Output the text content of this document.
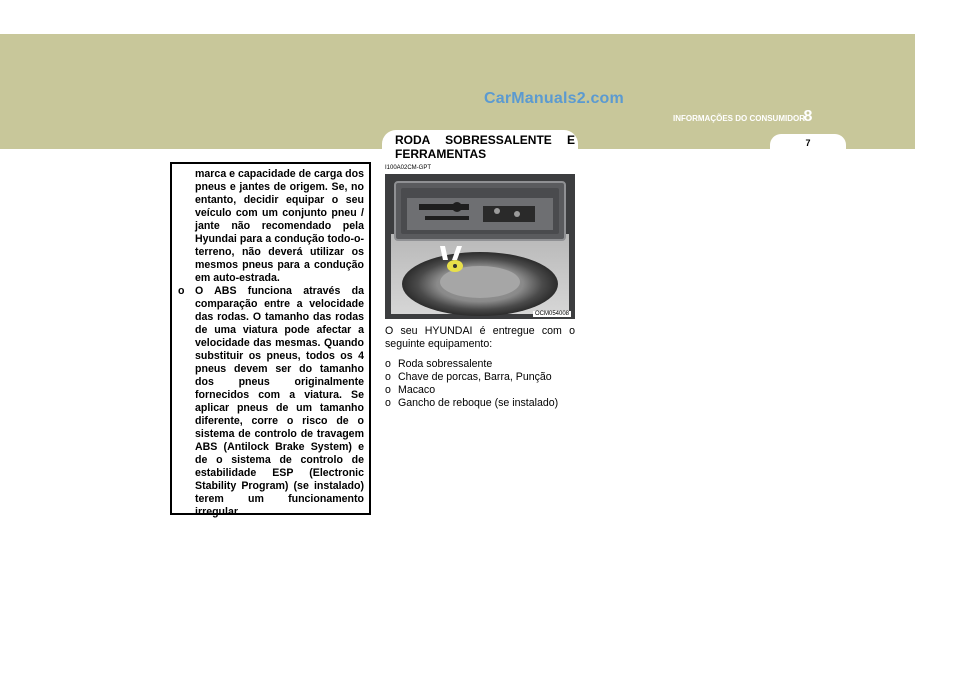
CarManuals2.com
INFORMAÇÕES DO CONSUMIDOR
8
7
RODA SOBRESSALENTE E FERRAMENTAS
marca e capacidade de carga dos pneus e jantes de origem. Se, no entanto, decidir equipar o seu veículo com um conjunto pneu / jante não recomendado pela Hyundai para a condução todo-o-terreno, não deverá utilizar os mesmos pneus para a condução em auto-estrada.
o O ABS funciona através da comparação entre a velocidade das rodas. O tamanho das rodas de uma viatura pode afectar a velocidade das mesmas. Quando substituir os pneus, todos os 4 pneus devem ser do tamanho dos pneus originalmente fornecidos com a viatura. Se aplicar pneus de um tamanho diferente, corre o risco de o sistema de controlo de travagem ABS (Antilock Brake System) e de o sistema de controlo de estabilidade ESP (Electronic Stability Program) (se instalado) terem um funcionamento irregular.
I100A02CM-GPT
OCM054008

O seu HYUNDAI é entregue com o seguinte equipamento:

o Roda sobressalente
o Chave de porcas, Barra, Punção
o Macaco
o Gancho de reboque (se instalado)
